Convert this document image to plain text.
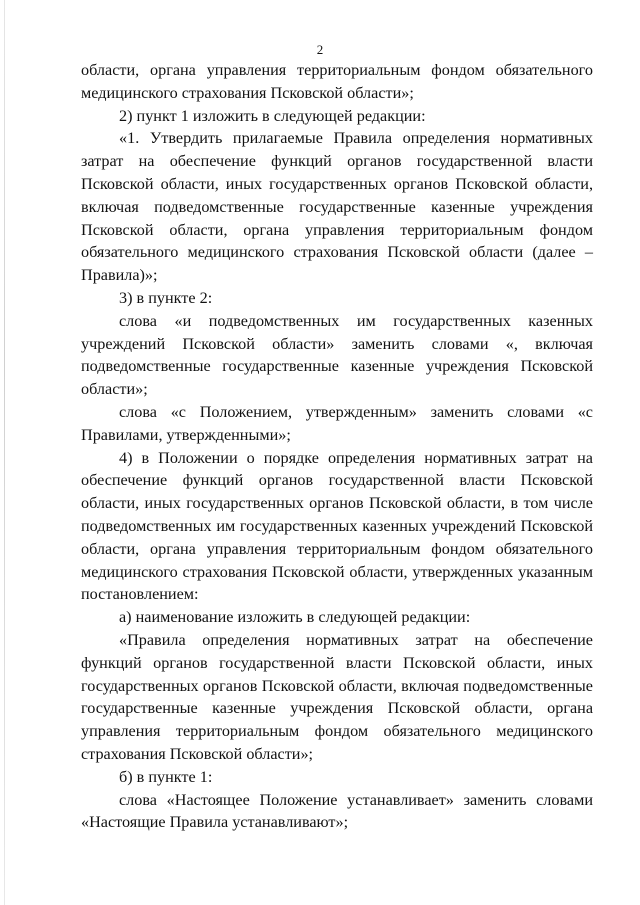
2

области, органа управления территориальным фондом обязательного медицинского страхования Псковской области»;

2) пункт 1 изложить в следующей редакции:

«1. Утвердить прилагаемые Правила определения нормативных затрат на обеспечение функций органов государственной власти Псковской области, иных государственных органов Псковской области, включая подведомственные государственные казенные учреждения Псковской области, органа управления территориальным фондом обязательного медицинского страхования Псковской области (далее – Правила)»;

3) в пункте 2:

слова «и подведомственных им государственных казенных учреждений Псковской области» заменить словами «, включая подведомственные государственные казенные учреждения Псковской области»;

слова «с Положением, утвержденным» заменить словами «с Правилами, утвержденными»;

4) в Положении о порядке определения нормативных затрат на обеспечение функций органов государственной власти Псковской области, иных государственных органов Псковской области, в том числе подведомственных им государственных казенных учреждений Псковской области, органа управления территориальным фондом обязательного медицинского страхования Псковской области, утвержденных указанным постановлением:

а) наименование изложить в следующей редакции:

«Правила определения нормативных затрат на обеспечение функций органов государственной власти Псковской области, иных государственных органов Псковской области, включая подведомственные государственные казенные учреждения Псковской области, органа управления территориальным фондом обязательного медицинского страхования Псковской области»;

б) в пункте 1:

слова «Настоящее Положение устанавливает» заменить словами «Настоящие Правила устанавливают»;
